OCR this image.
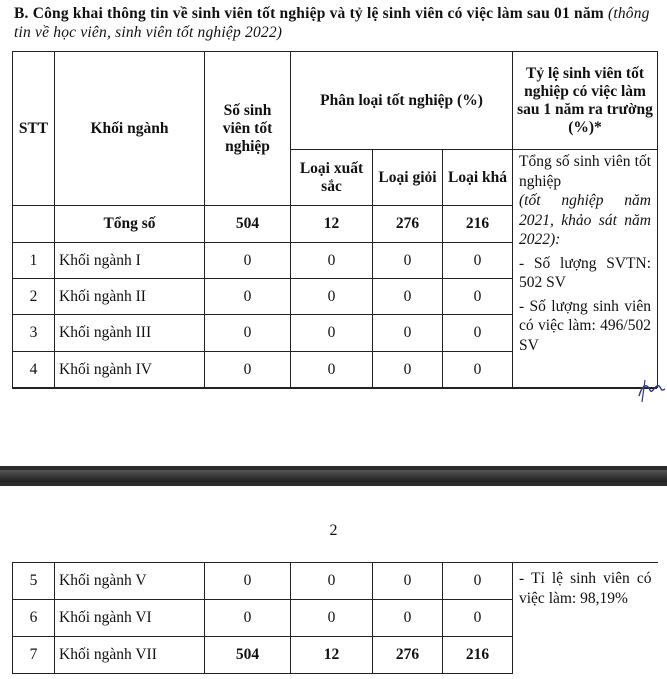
B. Công khai thông tin về sinh viên tốt nghiệp và tỷ lệ sinh viên có việc làm sau 01 năm (thông tin về học viên, sinh viên tốt nghiệp 2022)
STT	Khối ngành	Số sinh viên tốt nghiệp	Phân loại tốt nghiệp (%)			Tỷ lệ sinh viên tốt nghiệp có việc làm sau 1 năm ra trường (%)*
			Loại xuất sắc	Loại giỏi	Loại khá	Tổng số sinh viên tốt nghiệp

(tốt nghiệp năm 2021, khảo sát năm 2022):

- Số lượng SVTN: 502 SV

- Số lượng sinh viên có việc làm: 496/502 SV

	Tổng số	504	12	276	216	
1	Khối ngành I	0	0	0	0	
2	Khối ngành II	0	0	0	0	
3	Khối ngành III	0	0	0	0	
4	Khối ngành IV	0	0	0	0	
2
5	Khối ngành V	0	0	0	0	- Tỉ lệ sinh viên có việc làm: 98,19%

6	Khối ngành VI	0	0	0	0	
7	Khối ngành VII	504	12	276	216	
